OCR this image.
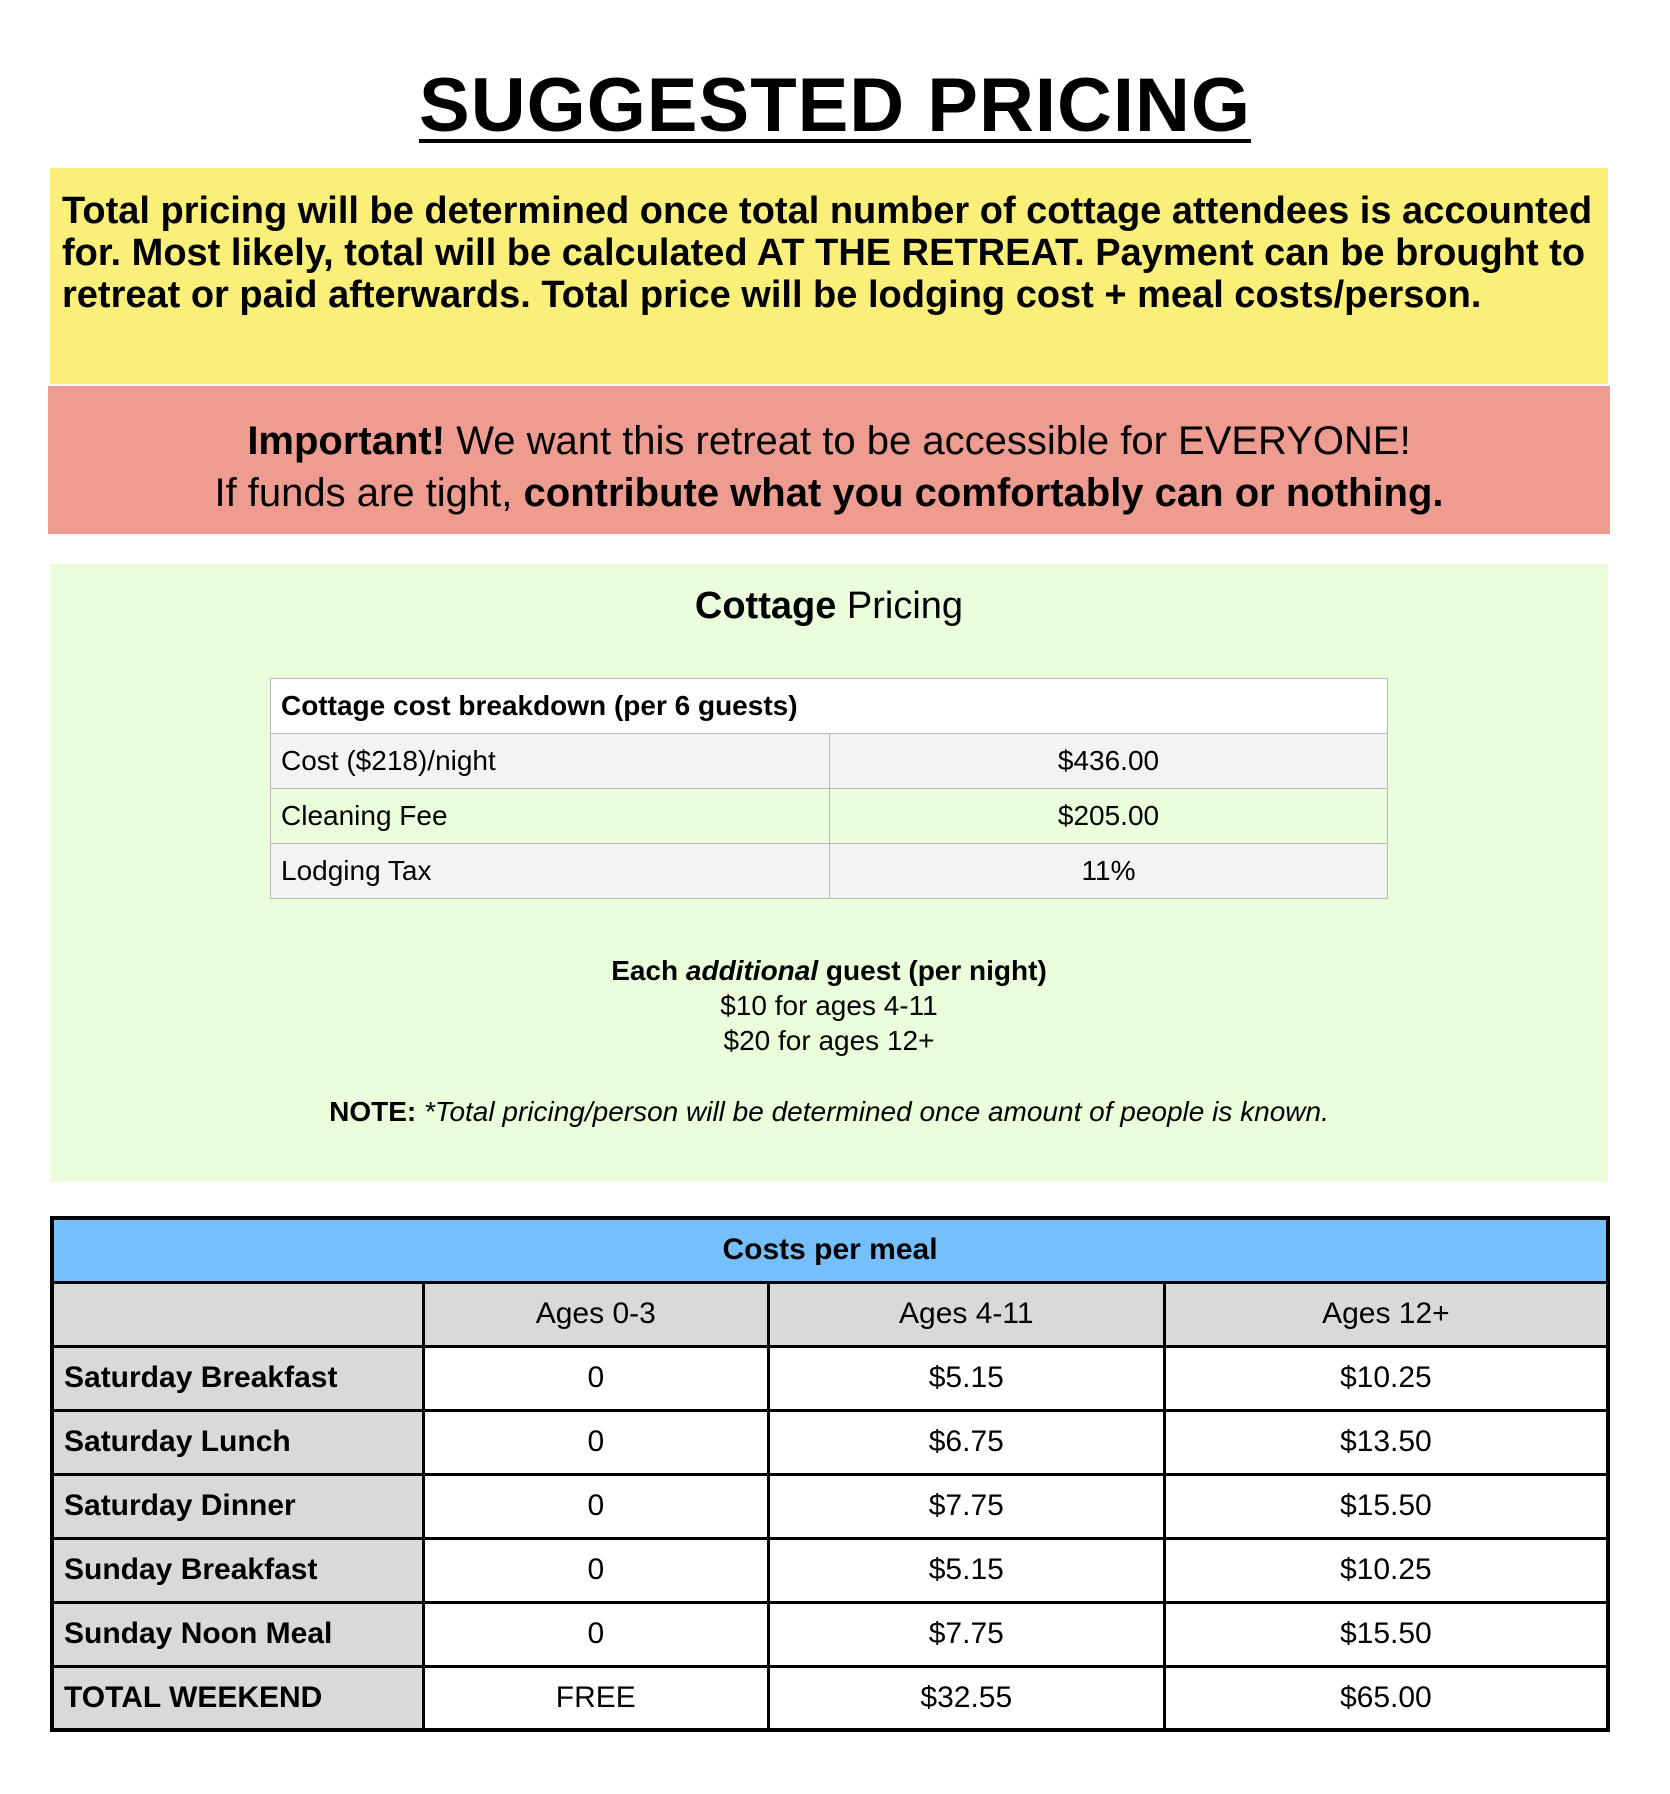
SUGGESTED PRICING
Total pricing will be determined once total number of cottage attendees is accounted for. Most likely, total will be calculated AT THE RETREAT. Payment can be brought to retreat or paid afterwards. Total price will be lodging cost + meal costs/person.
Important! We want this retreat to be accessible for EVERYONE!
If funds are tight, contribute what you comfortably can or nothing.
Cottage Pricing
Cottage cost breakdown (per 6 guests)	
Cost ($218)/night	$436.00
Cleaning Fee	$205.00
Lodging Tax	11%
Each additional guest (per night)
$10 for ages 4-11
$20 for ages 12+
NOTE: *Total pricing/person will be determined once amount of people is known.
Costs per meal			
	Ages 0-3	Ages 4-11	Ages 12+
Saturday Breakfast	0	$5.15	$10.25
Saturday Lunch	0	$6.75	$13.50
Saturday Dinner	0	$7.75	$15.50
Sunday Breakfast	0	$5.15	$10.25
Sunday Noon Meal	0	$7.75	$15.50
TOTAL WEEKEND	FREE	$32.55	$65.00
